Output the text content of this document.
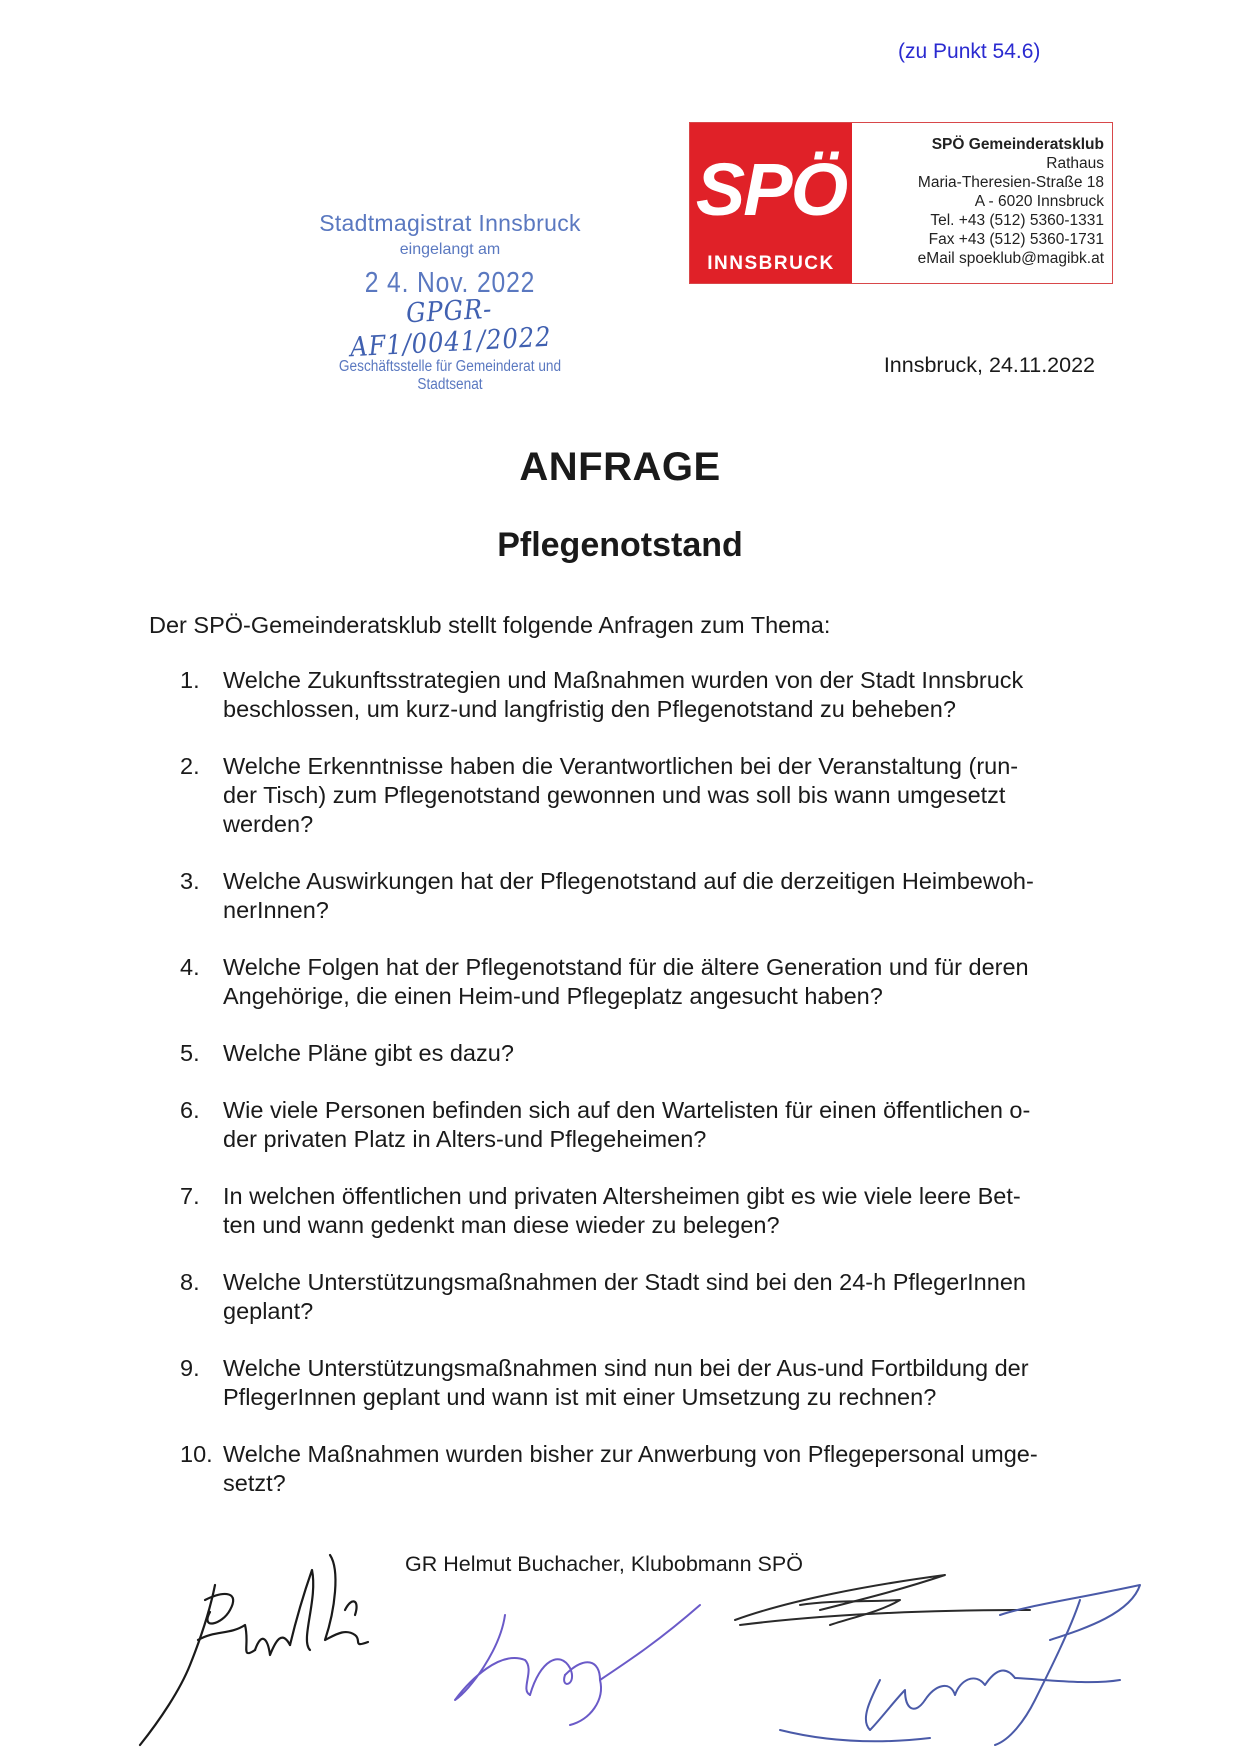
(zu Punkt 54.6)
SPÖ
INNSBRUCK
SPÖ Gemeinderatsklub
Rathaus
Maria-Theresien-Straße 18
A - 6020 Innsbruck
Tel. +43 (512) 5360-1331
Fax +43 (512) 5360-1731
eMail spoeklub@magibk.at
Stadtmagistrat Innsbruck
eingelangt am
2 4. Nov. 2022
GPGR-AF1/0041/2022
Geschäftsstelle für Gemeinderat und Stadtsenat
Innsbruck, 24.11.2022
ANFRAGE
Pflegenotstand
Der SPÖ-Gemeinderatsklub stellt folgende Anfragen zum Thema:
1. Welche Zukunftsstrategien und Maßnahmen wurden von der Stadt Innsbruck
beschlossen, um kurz-und langfristig den Pflegenotstand zu beheben?
2. Welche Erkenntnisse haben die Verantwortlichen bei der Veranstaltung (run-
der Tisch) zum Pflegenotstand gewonnen und was soll bis wann umgesetzt
werden?
3. Welche Auswirkungen hat der Pflegenotstand auf die derzeitigen Heimbewoh-
nerInnen?
4. Welche Folgen hat der Pflegenotstand für die ältere Generation und für deren
Angehörige, die einen Heim-und Pflegeplatz angesucht haben?
5. Welche Pläne gibt es dazu?
6. Wie viele Personen befinden sich auf den Wartelisten für einen öffentlichen o-
der privaten Platz in Alters-und Pflegeheimen?
7. In welchen öffentlichen und privaten Altersheimen gibt es wie viele leere Bet-
ten und wann gedenkt man diese wieder zu belegen?
8. Welche Unterstützungsmaßnahmen der Stadt sind bei den 24-h PflegerInnen
geplant?
9. Welche Unterstützungsmaßnahmen sind nun bei der Aus-und Fortbildung der
PflegerInnen geplant und wann ist mit einer Umsetzung zu rechnen?
10. Welche Maßnahmen wurden bisher zur Anwerbung von Pflegepersonal umge-
setzt?
GR Helmut Buchacher, Klubobmann SPÖ
